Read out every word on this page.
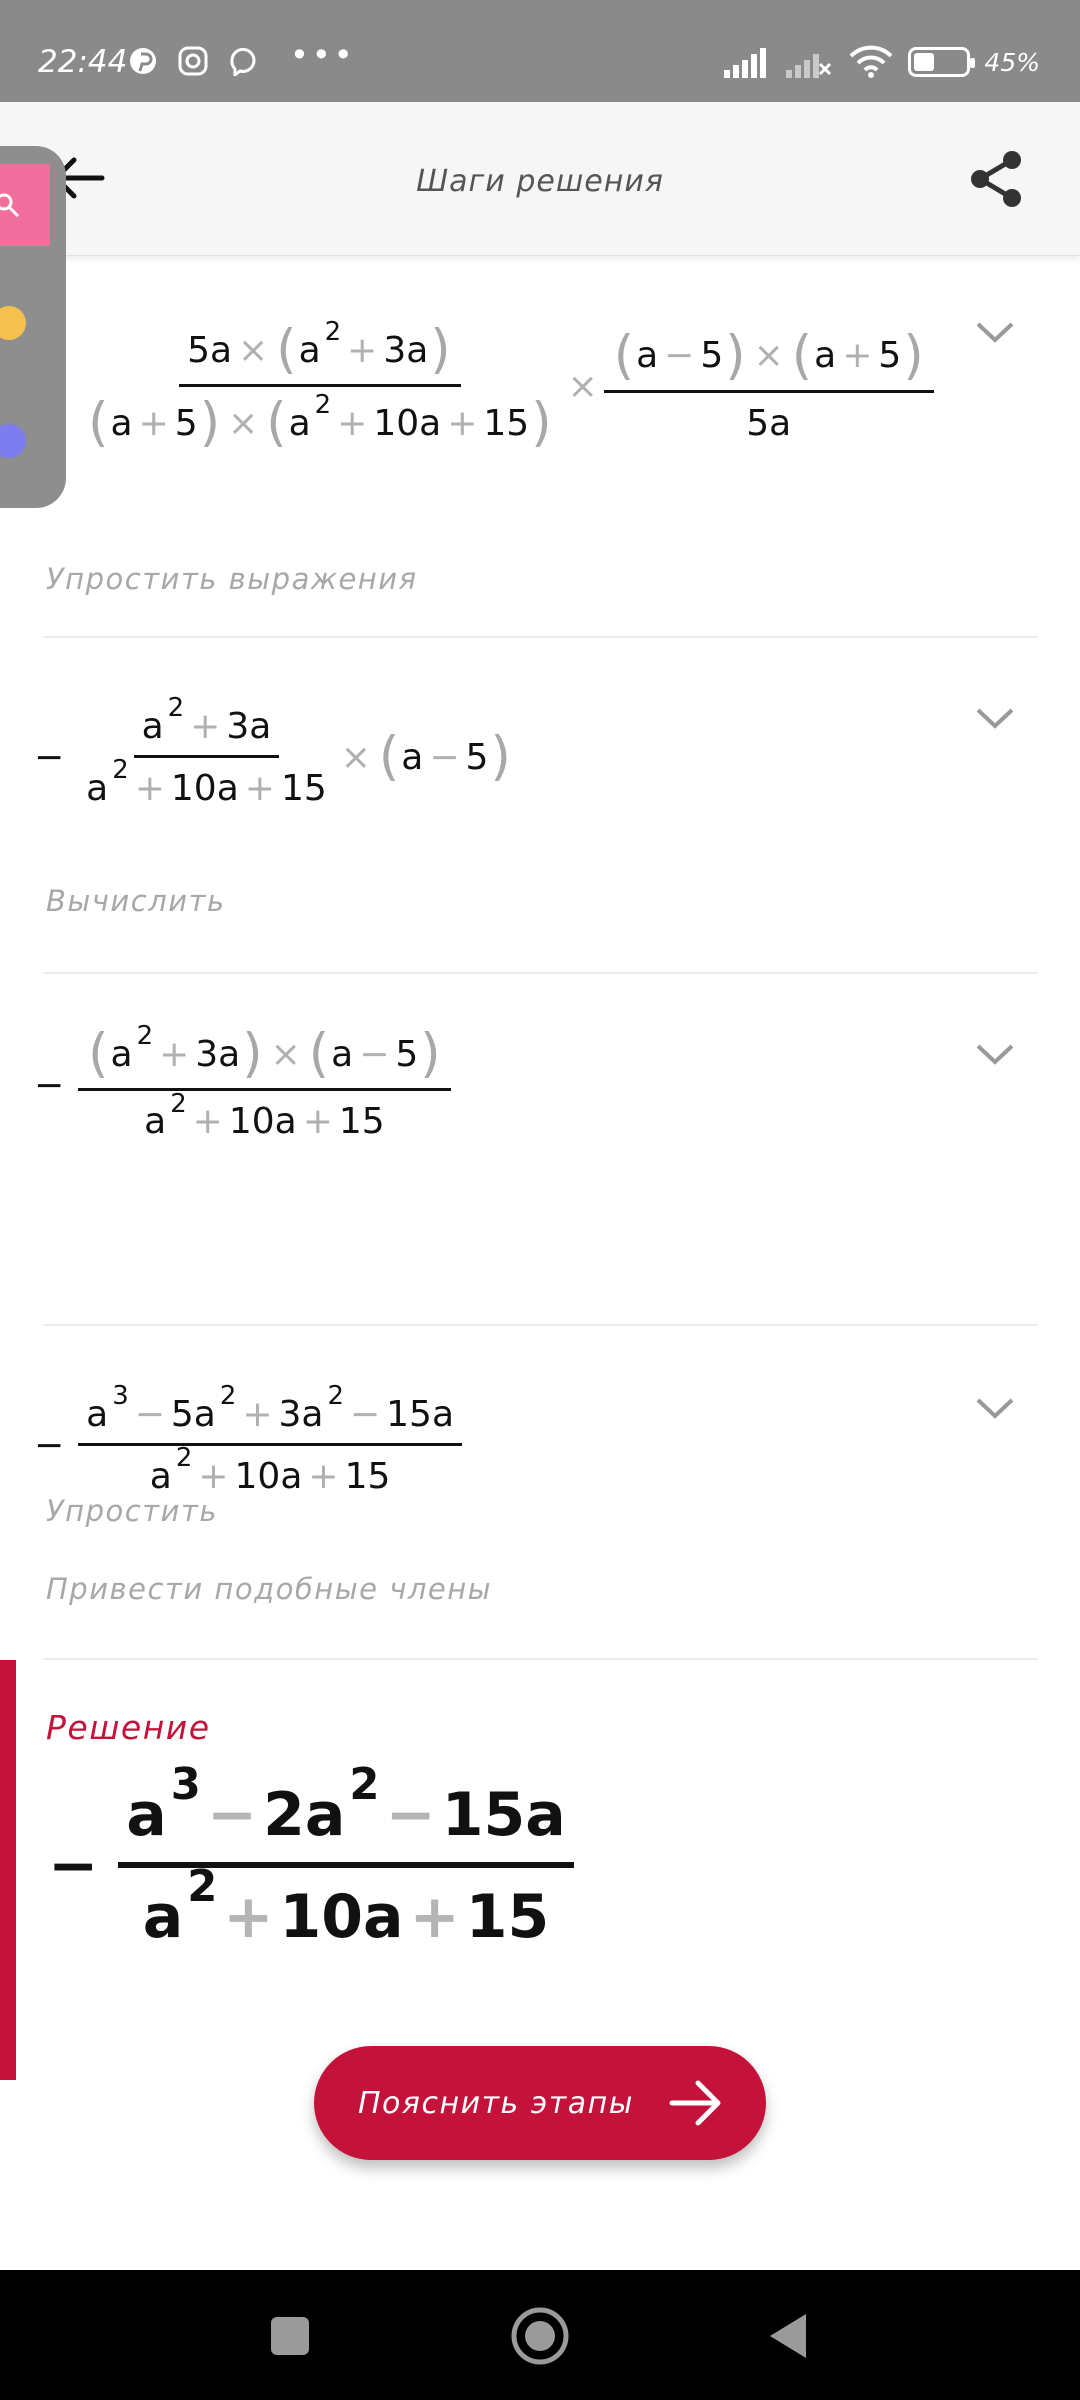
22:44	•••	45%
Шаги решения
5a × ( a 2 + 3a )
( a + 5 ) × ( a 2 + 10a + 15 )
×
( a − 5 ) × ( a + 5 )
5a
Упростить выражения
− $\frac{a 2 + 3a}{a 2 + 10a + 15}$ × ( a − 5 )
Вычислить
−
( a 2 + 3a ) × ( a − 5 )
a 2 + 10a + 15
Упростить
−
a 3 − 5a 2 + 3a 2 − 15a
a 2 + 10a + 15
Привести подобные члены
Решение
− $\frac{a 3 - 2a 2 - 15a}{a 2 + 10a + 15}$
Пояснить этапы
